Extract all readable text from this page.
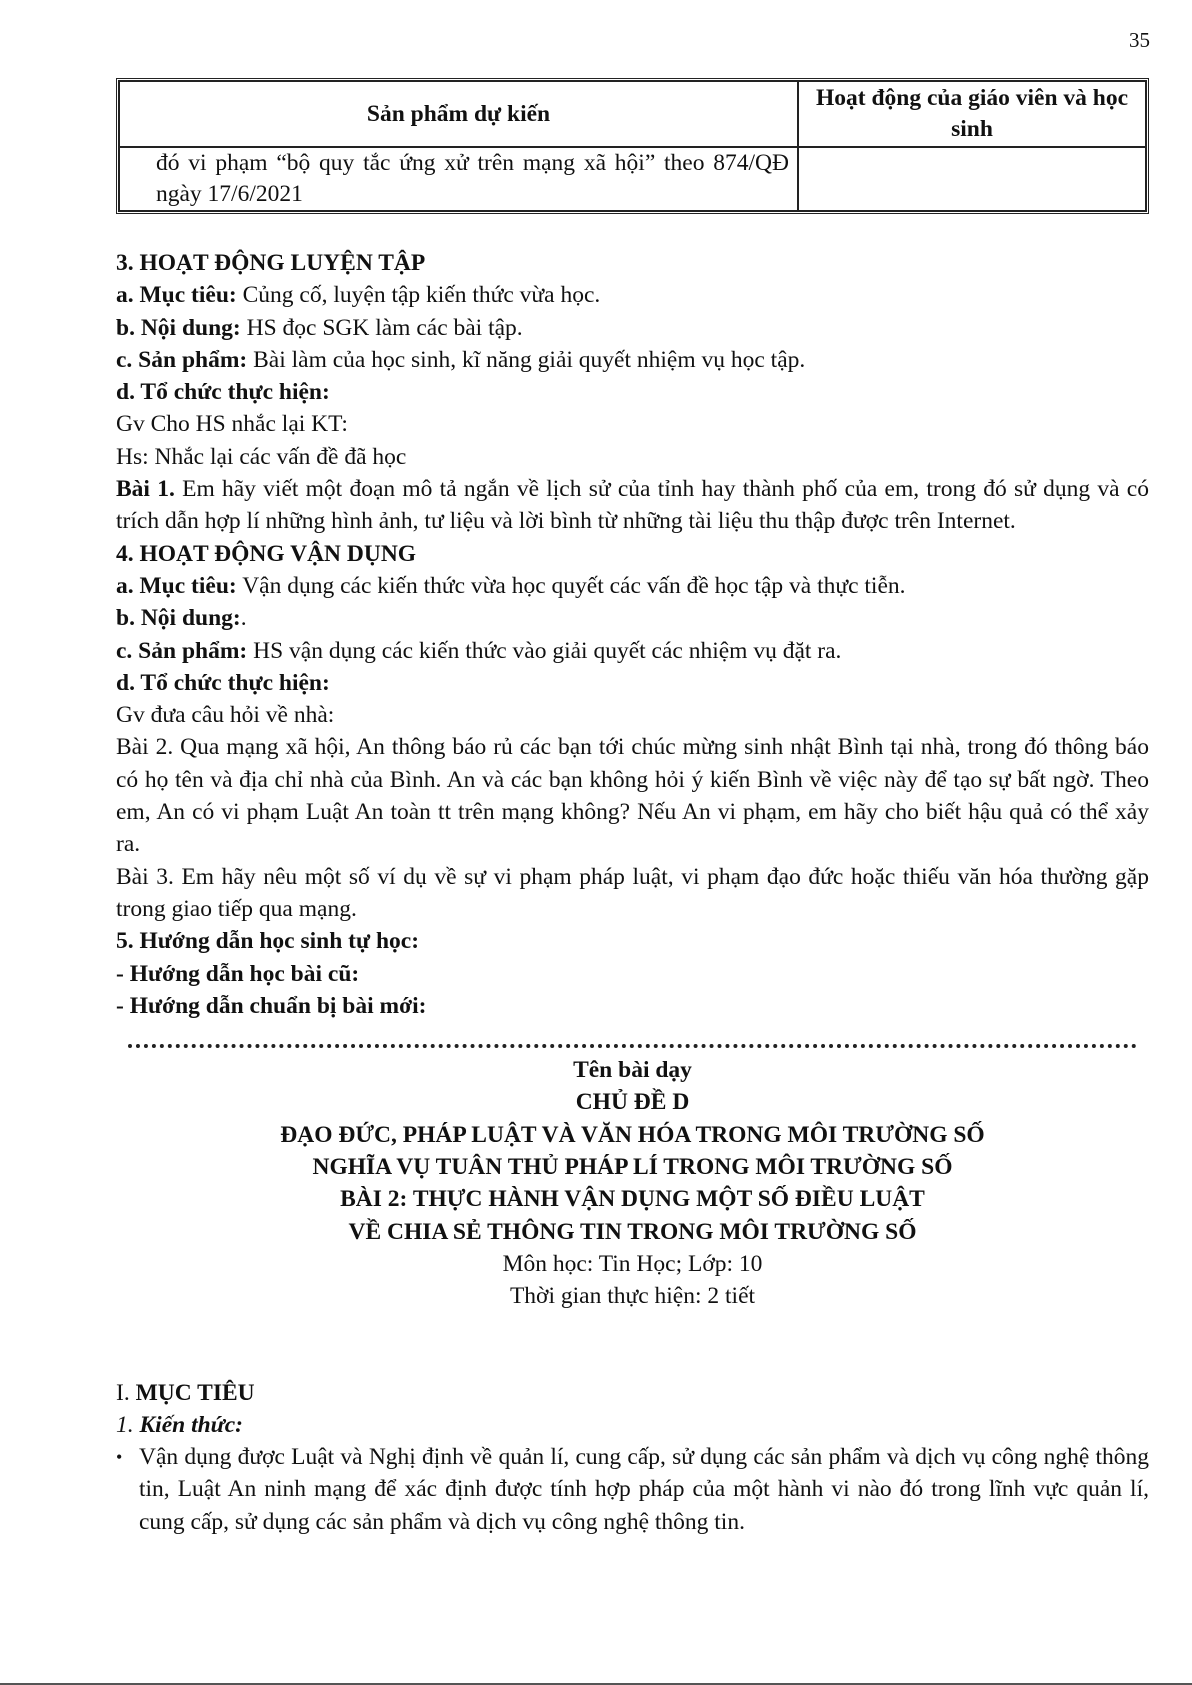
35
Sản phẩm dự kiến	Hoạt động của giáo viên và học sinh
đó vi phạm “bộ quy tắc ứng xử trên mạng xã hội” theo 874/QĐ ngày 17/6/2021	

3. HOẠT ĐỘNG LUYỆN TẬP

a. Mục tiêu: Củng cố, luyện tập kiến thức vừa học.

b. Nội dung: HS đọc SGK làm các bài tập.

c. Sản phẩm: Bài làm của học sinh, kĩ năng giải quyết nhiệm vụ học tập.

d. Tổ chức thực hiện:

Gv Cho HS nhắc lại KT:

Hs: Nhắc lại các vấn đề đã học

Bài 1. Em hãy viết một đoạn mô tả ngắn về lịch sử của tỉnh hay thành phố của em, trong đó sử dụng và có trích dẫn hợp lí những hình ảnh, tư liệu và lời bình từ những tài liệu thu thập được trên Internet.

4. HOẠT ĐỘNG VẬN DỤNG

a. Mục tiêu: Vận dụng các kiến thức vừa học quyết các vấn đề học tập và thực tiễn.

b. Nội dung:.

c. Sản phẩm: HS vận dụng các kiến thức vào giải quyết các nhiệm vụ đặt ra.

d. Tổ chức thực hiện:

Gv đưa câu hỏi về nhà:

Bài 2. Qua mạng xã hội, An thông báo rủ các bạn tới chúc mừng sinh nhật Bình tại nhà, trong đó thông báo có họ tên và địa chỉ nhà của Bình. An và các bạn không hỏi ý kiến Bình về việc này để tạo sự bất ngờ. Theo em, An có vi phạm Luật An toàn tt trên mạng không? Nếu An vi phạm, em hãy cho biết hậu quả có thể xảy ra.

Bài 3. Em hãy nêu một số ví dụ về sự vi phạm pháp luật, vi phạm đạo đức hoặc thiếu văn hóa thường gặp trong giao tiếp qua mạng.

5. Hướng dẫn học sinh tự học:

- Hướng dẫn học bài cũ:

- Hướng dẫn chuẩn bị bài mới:

Tên bài dạy

CHỦ ĐỀ D

ĐẠO ĐỨC, PHÁP LUẬT VÀ VĂN HÓA TRONG MÔI TRƯỜNG SỐ

NGHĨA VỤ TUÂN THỦ PHÁP LÍ TRONG MÔI TRƯỜNG SỐ

BÀI 2: THỰC HÀNH VẬN DỤNG MỘT SỐ ĐIỀU LUẬT

VỀ CHIA SẺ THÔNG TIN TRONG MÔI TRƯỜNG SỐ

Môn học: Tin Học; Lớp: 10

Thời gian thực hiện: 2 tiết

I. MỤC TIÊU

1. Kiến thức:

• Vận dụng được Luật và Nghị định về quản lí, cung cấp, sử dụng các sản phẩm và dịch vụ công nghệ thông tin, Luật An ninh mạng để xác định được tính hợp pháp của một hành vi nào đó trong lĩnh vực quản lí, cung cấp, sử dụng các sản phẩm và dịch vụ công nghệ thông tin.
